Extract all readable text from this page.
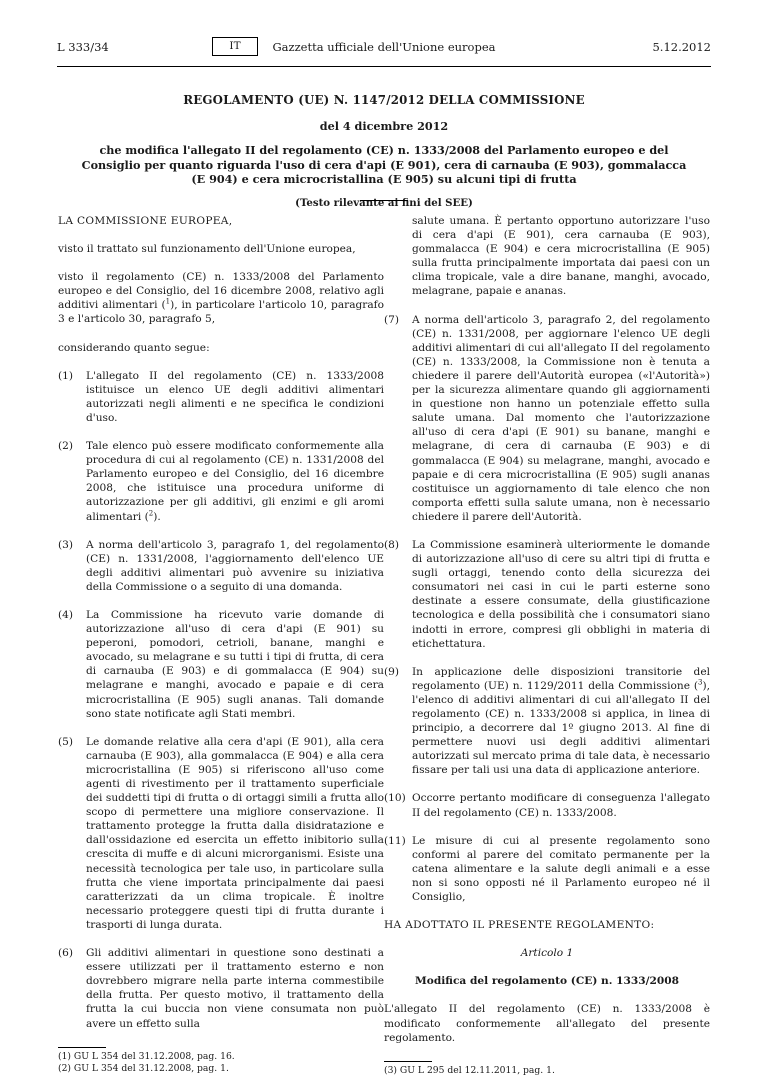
L 333/34	Gazzetta ufficiale dell'Unione europea
IT	5.12.2012
REGOLAMENTO (UE) N. 1147/2012 DELLA COMMISSIONE
del 4 dicembre 2012
che modifica l'allegato II del regolamento (CE) n. 1333/2008 del Parlamento europeo e del Consiglio per quanto riguarda l'uso di cera d'api (E 901), cera di carnauba (E 903), gommalacca (E 904) e cera microcristallina (E 905) su alcuni tipi di frutta
(Testo rilevante ai fini del SEE)

LA COMMISSIONE EUROPEA,

visto il trattato sul funzionamento dell'Unione europea,

visto il regolamento (CE) n. 1333/2008 del Parlamento europeo e del Consiglio, del 16 dicembre 2008, relativo agli additivi alimentari ($^1$), in particolare l'articolo 10, paragrafo 3 e l'articolo 30, paragrafo 5,

considerando quanto segue:

(1) L'allegato II del regolamento (CE) n. 1333/2008 istituisce un elenco UE degli additivi alimentari autorizzati negli alimenti e ne specifica le condizioni d'uso.

(2) Tale elenco può essere modificato conformemente alla procedura di cui al regolamento (CE) n. 1331/2008 del Parlamento europeo e del Consiglio, del 16 dicembre 2008, che istituisce una procedura uniforme di autorizzazione per gli additivi, gli enzimi e gli aromi alimentari ($^2$).

(3) A norma dell'articolo 3, paragrafo 1, del regolamento (CE) n. 1331/2008, l'aggiornamento dell'elenco UE degli additivi alimentari può avvenire su iniziativa della Commissione o a seguito di una domanda.

(4) La Commissione ha ricevuto varie domande di autorizzazione all'uso di cera d'api (E 901) su peperoni, pomodori, cetrioli, banane, manghi e avocado, su melagrane e su tutti i tipi di frutta, di cera di carnauba (E 903) e di gommalacca (E 904) su melagrane e manghi, avocado e papaie e di cera microcristallina (E 905) sugli ananas. Tali domande sono state notificate agli Stati membri.

(5) Le domande relative alla cera d'api (E 901), alla cera carnauba (E 903), alla gommalacca (E 904) e alla cera microcristallina (E 905) si riferiscono all'uso come agenti di rivestimento per il trattamento superficiale dei suddetti tipi di frutta o di ortaggi simili a frutta allo scopo di permettere una migliore conservazione. Il trattamento protegge la frutta dalla disidratazione e dall'ossidazione ed esercita un effetto inibitorio sulla crescita di muffe e di alcuni microrganismi. Esiste una necessità tecnologica per tale uso, in particolare sulla frutta che viene importata principalmente dai paesi caratterizzati da un clima tropicale. È inoltre necessario proteggere questi tipi di frutta durante i trasporti di lunga durata.

(6) Gli additivi alimentari in questione sono destinati a essere utilizzati per il trattamento esterno e non dovrebbero migrare nella parte interna commestibile della frutta. Per questo motivo, il trattamento della frutta la cui buccia non viene consumata non può avere un effetto sulla

(1) GU L 354 del 31.12.2008, pag. 16.
(2) GU L 354 del 31.12.2008, pag. 1.

salute umana. È pertanto opportuno autorizzare l'uso di cera d'api (E 901), cera carnauba (E 903), gommalacca (E 904) e cera microcristallina (E 905) sulla frutta principalmente importata dai paesi con un clima tropicale, vale a dire banane, manghi, avocado, melagrane, papaie e ananas.

(7) A norma dell'articolo 3, paragrafo 2, del regolamento (CE) n. 1331/2008, per aggiornare l'elenco UE degli additivi alimentari di cui all'allegato II del regolamento (CE) n. 1333/2008, la Commissione non è tenuta a chiedere il parere dell'Autorità europea («l'Autorità») per la sicurezza alimentare quando gli aggiornamenti in questione non hanno un potenziale effetto sulla salute umana. Dal momento che l'autorizzazione all'uso di cera d'api (E 901) su banane, manghi e melagrane, di cera di carnauba (E 903) e di gommalacca (E 904) su melagrane, manghi, avocado e papaie e di cera microcristallina (E 905) sugli ananas costituisce un aggiornamento di tale elenco che non comporta effetti sulla salute umana, non è necessario chiedere il parere dell'Autorità.

(8) La Commissione esaminerà ulteriormente le domande di autorizzazione all'uso di cere su altri tipi di frutta e sugli ortaggi, tenendo conto della sicurezza dei consumatori nei casi in cui le parti esterne sono destinate a essere consumate, della giustificazione tecnologica e della possibilità che i consumatori siano indotti in errore, compresi gli obblighi in materia di etichettatura.

(9) In applicazione delle disposizioni transitorie del regolamento (UE) n. 1129/2011 della Commissione ($^3$), l'elenco di additivi alimentari di cui all'allegato II del regolamento (CE) n. 1333/2008 si applica, in linea di principio, a decorrere dal 1º giugno 2013. Al fine di permettere nuovi usi degli additivi alimentari autorizzati sul mercato prima di tale data, è necessario fissare per tali usi una data di applicazione anteriore.

(10) Occorre pertanto modificare di conseguenza l'allegato II del regolamento (CE) n. 1333/2008.

(11) Le misure di cui al presente regolamento sono conformi al parere del comitato permanente per la catena alimentare e la salute degli animali e a esse non si sono opposti né il Parlamento europeo né il Consiglio,

HA ADOTTATO IL PRESENTE REGOLAMENTO:

Articolo 1

Modifica del regolamento (CE) n. 1333/2008

L'allegato II del regolamento (CE) n. 1333/2008 è modificato conformemente all'allegato del presente regolamento.

(3) GU L 295 del 12.11.2011, pag. 1.
